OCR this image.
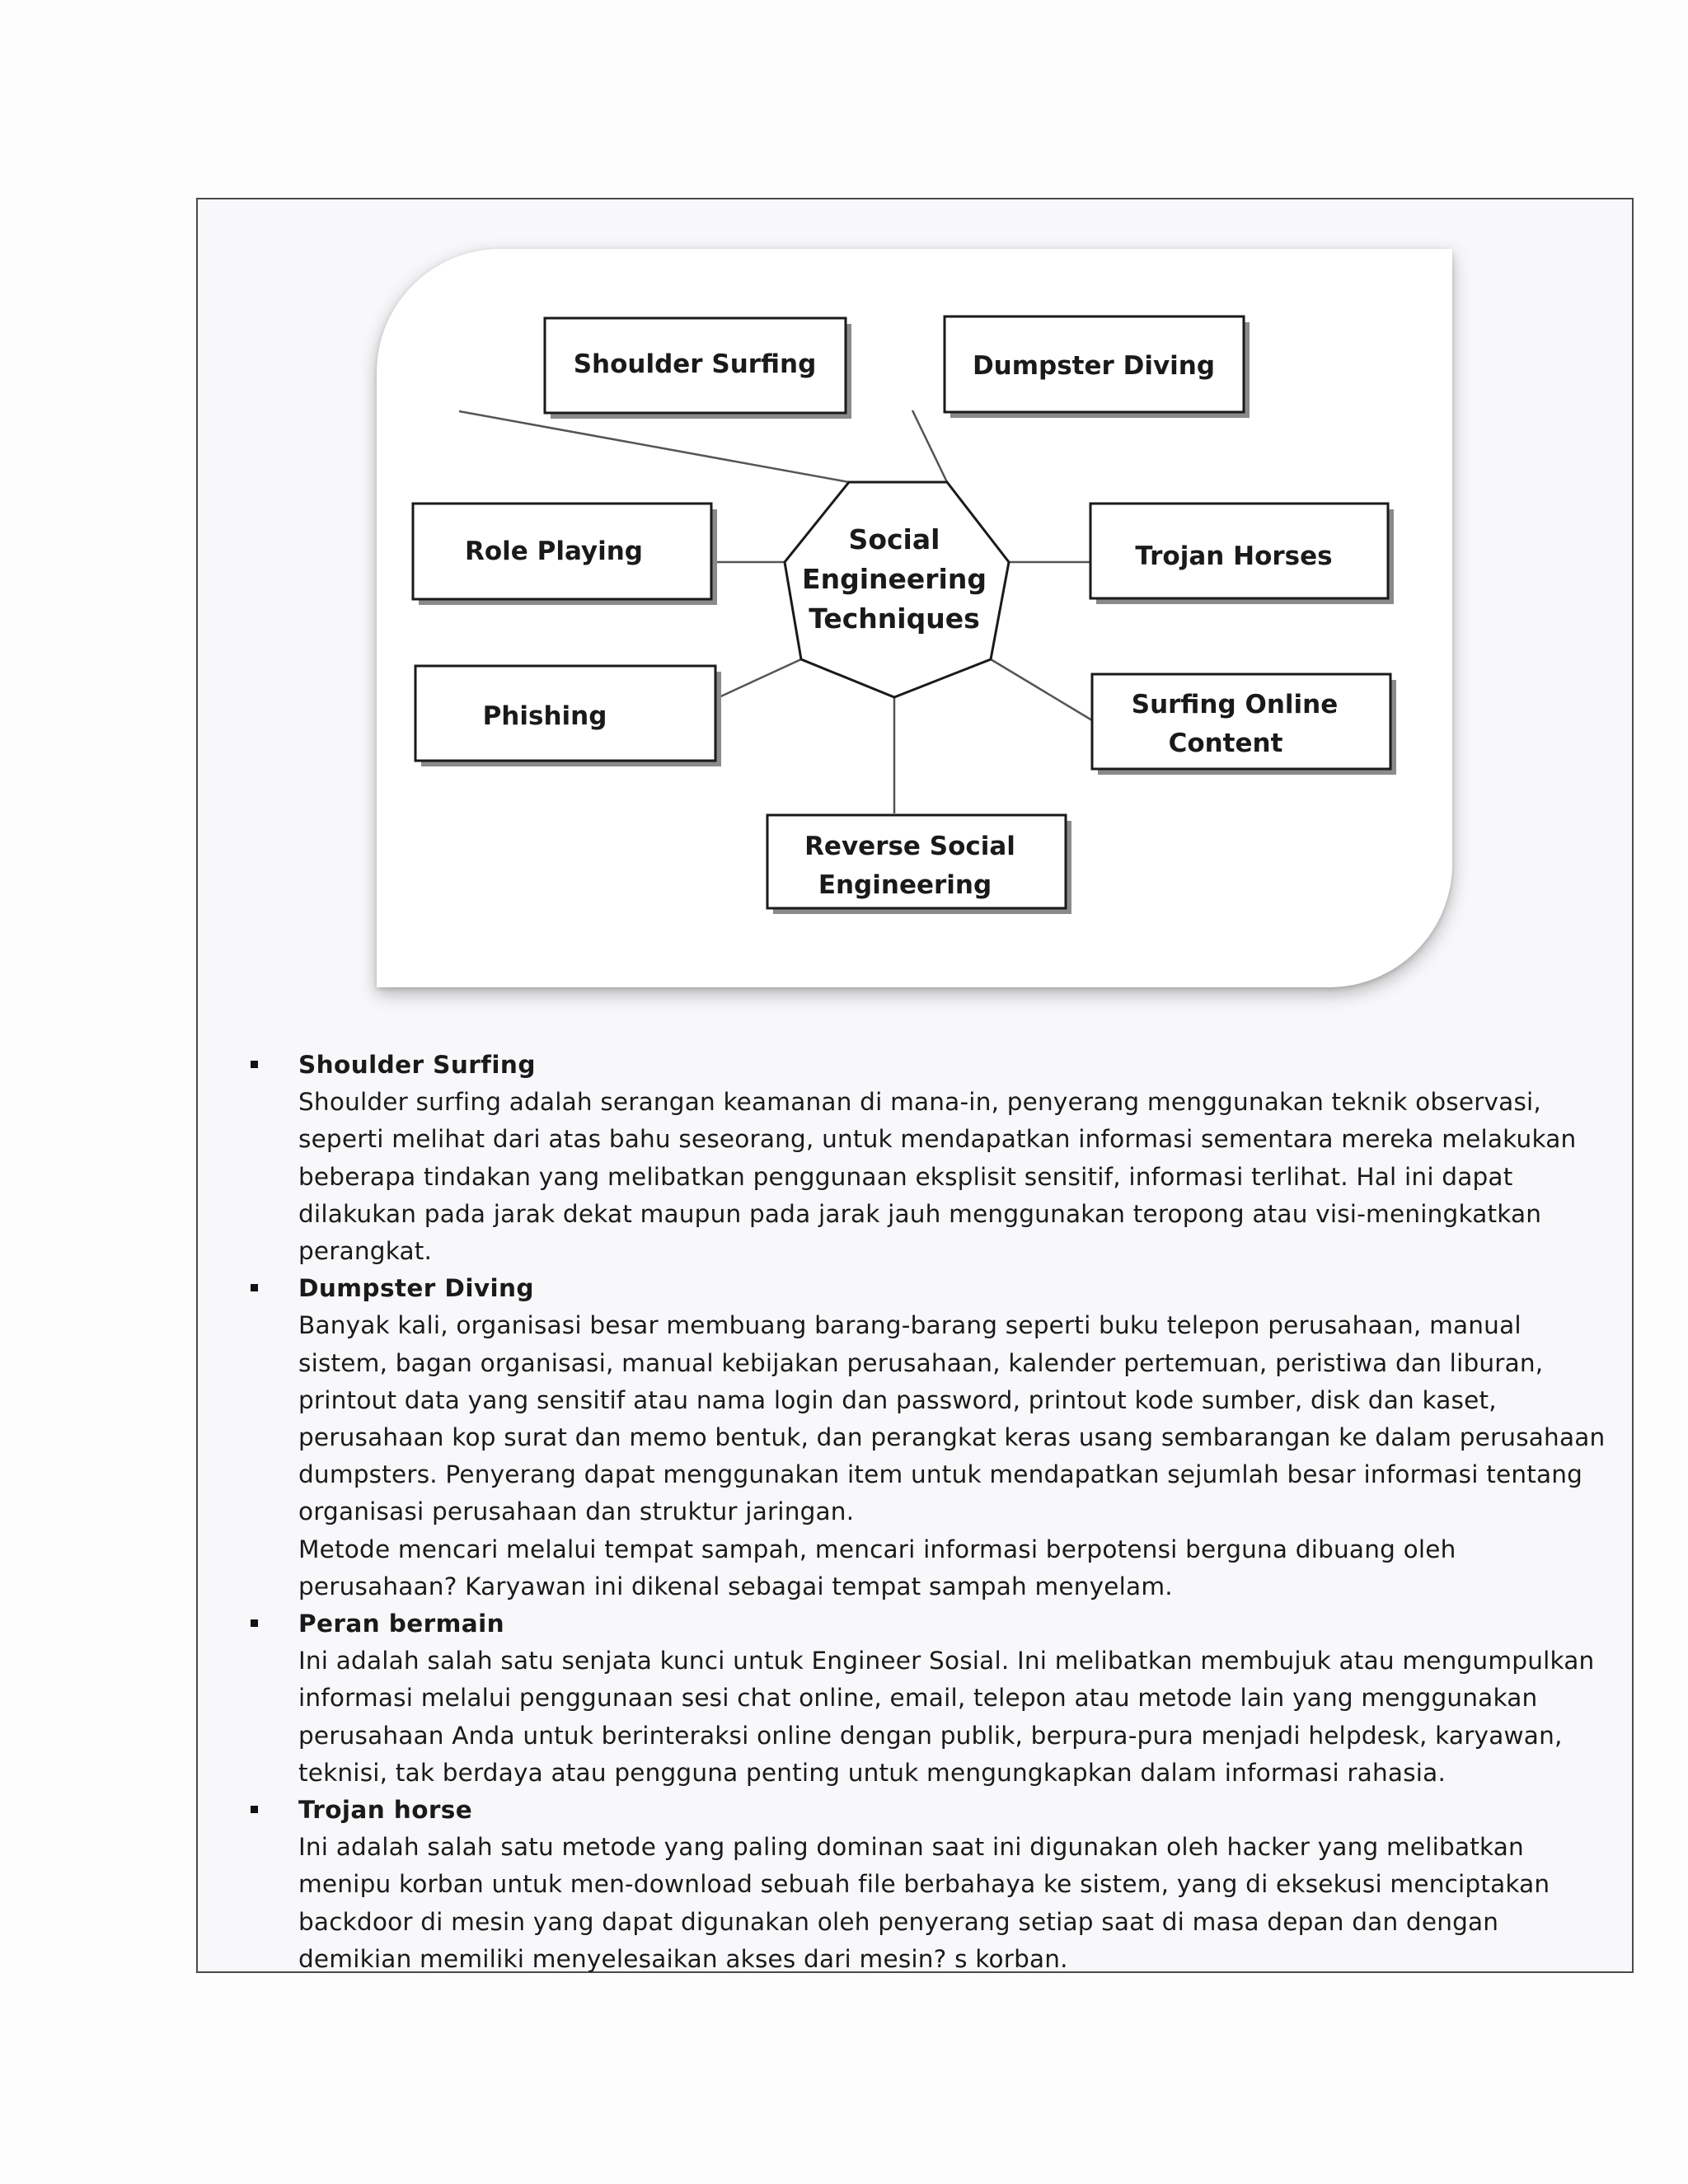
Social
Engineering
Techniques
Shoulder Surfing	Dumpster Diving
Role Playing	Trojan Horses
Phishing	Surfing Online
Content
Reverse Social
Engineering
Shoulder Surfing
Shoulder surfing adalah serangan keamanan di mana-in, penyerang menggunakan teknik observasi,
seperti melihat dari atas bahu seseorang, untuk mendapatkan informasi sementara mereka melakukan
beberapa tindakan yang melibatkan penggunaan eksplisit sensitif, informasi terlihat. Hal ini dapat
dilakukan pada jarak dekat maupun pada jarak jauh menggunakan teropong atau visi-meningkatkan
perangkat.
Dumpster Diving
Banyak kali, organisasi besar membuang barang-barang seperti buku telepon perusahaan, manual
sistem, bagan organisasi, manual kebijakan perusahaan, kalender pertemuan, peristiwa dan liburan,
printout data yang sensitif atau nama login dan password, printout kode sumber, disk dan kaset,
perusahaan kop surat dan memo bentuk, dan perangkat keras usang sembarangan ke dalam perusahaan
dumpsters. Penyerang dapat menggunakan item untuk mendapatkan sejumlah besar informasi tentang
organisasi perusahaan dan struktur jaringan.
Metode mencari melalui tempat sampah, mencari informasi berpotensi berguna dibuang oleh
perusahaan? Karyawan ini dikenal sebagai tempat sampah menyelam.
Peran bermain
Ini adalah salah satu senjata kunci untuk Engineer Sosial. Ini melibatkan membujuk atau mengumpulkan
informasi melalui penggunaan sesi chat online, email, telepon atau metode lain yang menggunakan
perusahaan Anda untuk berinteraksi online dengan publik, berpura-pura menjadi helpdesk, karyawan,
teknisi, tak berdaya atau pengguna penting untuk mengungkapkan dalam informasi rahasia.
Trojan horse
Ini adalah salah satu metode yang paling dominan saat ini digunakan oleh hacker yang melibatkan
menipu korban untuk men-download sebuah file berbahaya ke sistem, yang di eksekusi menciptakan
backdoor di mesin yang dapat digunakan oleh penyerang setiap saat di masa depan dan dengan
demikian memiliki menyelesaikan akses dari mesin? s korban.
